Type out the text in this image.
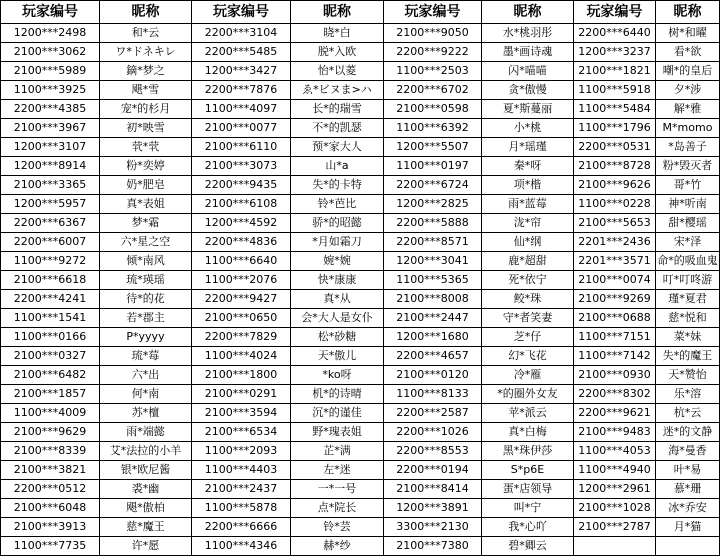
玩家编号	昵称	玩家编号	昵称	玩家编号	昵称	玩家编号	昵称
1200***2498	和*云	2200***3104	晓*白	2100***9050	水*桃羽彤	2200***6440	树*和曜
2100***3062	ワ*ドネキレ	2200***5485	脱*入欧	2200***9222	墨*画诗魂	1200***3237	看*欲
2100***5989	鏑*梦之	1200***3427	怡*以菱	1100***2503	闪*喵喵	2100***1821	嘲*的皇后
1100***3925	飓*雪	2200***7876	ゑ*ビヌま>ハ	2200***6702	贪*傲慢	1100***5918	夕*涉
2200***4385	宠*的杉月	1100***4097	长*的瑞雪	2100***0598	夏*斯蔓丽	1100***5484	解*雅
2100***3967	初*映雪	2100***0077	不*的凯瑟	1100***6392	小*桃	1100***1796	M*momo
1200***3107	茕*茕	2100***6110	预*家大人	1200***5507	月*瑶瑾	2200***0531	*岛善子
1200***8914	粉*奕婷	2100***3073	山*a	1100***0197	秦*呀	2100***8728	粉*毁灭者
2100***3365	奶*肥皂	2200***9435	失*的卡特	2200***6724	项*楷	2100***9626	哥*竹
1200***5957	真*表姐	2100***6108	铃*芭比	1200***2825	雨*蓝莓	1100***0228	神*听南
2200***6367	梦*霜	1200***4592	骄*的昭懿	2200***5888	泷*帘	2100***5653	甜*樱瑶
2200***6007	六*星之空	2200***4836	*月如霜刀	2200***8571	仙*纲	2201***2436	宋*泽
1100***9272	倾*南风	1100***6640	婉*婉	1200***3041	鹿*超甜	2201***3571	命*的吸血鬼
2100***6618	琉*瑛瑶	1100***2076	快*康康	1100***5365	死*依宁	2100***0074	叮*叮咚游
2200***4241	待*的花	2200***9427	真*从	2100***8008	鲛*珠	2100***9269	瑾*夏君
1100***1541	若*郡主	2100***0650	会*大人是女仆	2100***2447	守*者笑妻	2100***0688	慈*悦和
1100***0166	P*yyyy	2200***7829	松*砂糖	1200***1680	芝*仔	1100***7151	菜*妹
2100***0327	琉*莓	1100***4024	天*傲儿	2200***4657	幻*飞花	1100***7142	失*的魔王
2100***6482	六*出	2100***1800	*ko呀	2100***0120	冷*雁	2100***0930	天*赞怡
2100***1857	何*南	2100***0291	机*的诗晴	1100***8133	*的圈外女友	2200***8302	乐*溶
1100***4009	苏*檀	2100***3594	沉*的谨佳	2200***2587	苹*派云	2200***9621	杭*云
2100***9629	雨*端懿	2100***6534	野*瑰表姐	2200***1026	真*白梅	2100***9483	迷*的文静
2100***8339	艾*法拉的小羊	1100***2093	芷*满	2200***8553	黑*珠伊莎	1100***4053	海*曼香
2100***3821	银*欧尼酱	1100***4403	左*迷	2200***0194	S*p6E	1100***4940	叶*易
2200***0512	裘*幽	2100***2437	一*一号	2100***8414	蛋*店领导	1200***2961	慕*珊
2100***6048	飓*傲柏	1100***5878	点*院长	1200***3891	叫*宁	2100***1028	冰*乔安
2100***3913	慈*魔王	2200***6666	铃*芸	3300***2130	我*心吖	2100***2787	月*猫
1100***7735	许*愿	1100***4346	赫*纱	2100***7380	碧*卿云		
